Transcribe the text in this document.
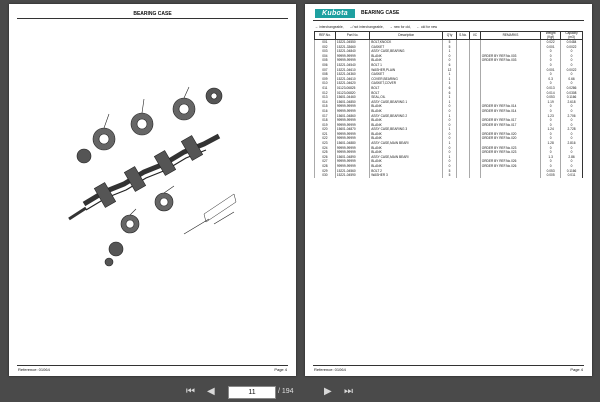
BEARING CASE
Reference: 01064	Page 4
Kubota	BEARING CASE
⇔ interchangeable, ⇎ not interchangeable, → new for old, ← old for new
REF.No.	Part No.	Description	Q'ty	S.No.	I/C	REMARKS	Weight (Kgf)	Capacity (m3)
001	15221-04550	BOLT,KNOCK	5				0.022	0.0484
002	15221-33660	GASKET	5				0.001	0.0022
003	15221-04840	ASSY CASE,BEARING	1				0	0
004	99999-99999	BLANK	0			ORDER BY REF.No.003	0	0
005	99999-99999	BLANK	0			ORDER BY REF.No.003	0	0
006	15221-04540	BOLT 1	6				0	0
007	15221-04610	WASHER,PLAIN	12				0.001	0.0022
008	15221-04360	GASKET	1				0	0
009	15221-04610	COVER,BEARING	1				0.3	0.66
010	15221-04620	GASKET,COVER	1				0	0
011	01123-06825	BOLT	6				0.013	0.0286
012	01123-06820	BOLT	6				0.014	0.0308
013	15601-04460	SEAL,OIL	1				0.053	0.1166
014	15601-04850	ASSY CASE,BEARING 1	1				1.19	2.618
015	99999-99999	BLANK	0			ORDER BY REF.No.014	0	0
016	99999-99999	BLANK	0			ORDER BY REF.No.014	0	0
017	15601-04860	ASSY CASE,BEARING 2	1				1.23	2.706
018	99999-99999	BLANK	0			ORDER BY REF.No.017	0	0
019	99999-99999	BLANK	0			ORDER BY REF.No.017	0	0
020	15601-04870	ASSY CASE,BEARING 3	1				1.24	2.728
021	99999-99999	BLANK	0			ORDER BY REF.No.020	0	0
022	99999-99999	BLANK	0			ORDER BY REF.No.020	0	0
023	15601-04880	ASSY CASE,MAIN BEARI	1				1.28	2.816
024	99999-99999	BLANK	0			ORDER BY REF.No.023	0	0
025	99999-99999	BLANK	0			ORDER BY REF.No.023	0	0
026	15601-04890	ASSY CASE,MAIN BEARI	1				1.3	2.86
027	99999-99999	BLANK	0			ORDER BY REF.No.026	0	0
028	99999-99999	BLANK	0			ORDER BY REF.No.026	0	0
029	15221-04560	BOLT 2	5				0.053	0.1166
030	15221-04590	WASHER 3	5				0.005	0.011
Reference: 01064	Page 4
⏮ ◀	11	/ 194	▶ ⏭
